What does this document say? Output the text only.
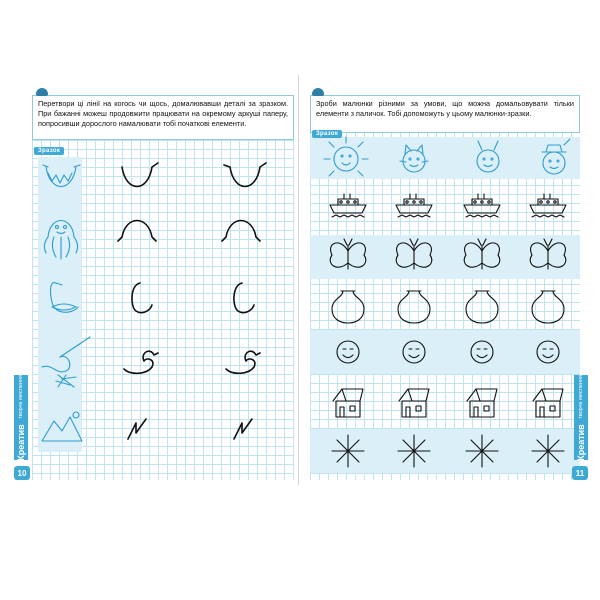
Перетвори ці лінії на когось чи щось, домалювавши деталі за зразком. При бажанні можеш продовжити працювати на окремому аркуші паперу, попросивши дорослого намалювати тобі початкові елементи.
Зразок
Креатив творче мислення
10
Зроби малюнки різними за умови, що можна домальовувати тільки елементи з паличок. Тобі допоможуть у цьому малюнки-зразки.
Зразок
Креатив творче мислення
11
